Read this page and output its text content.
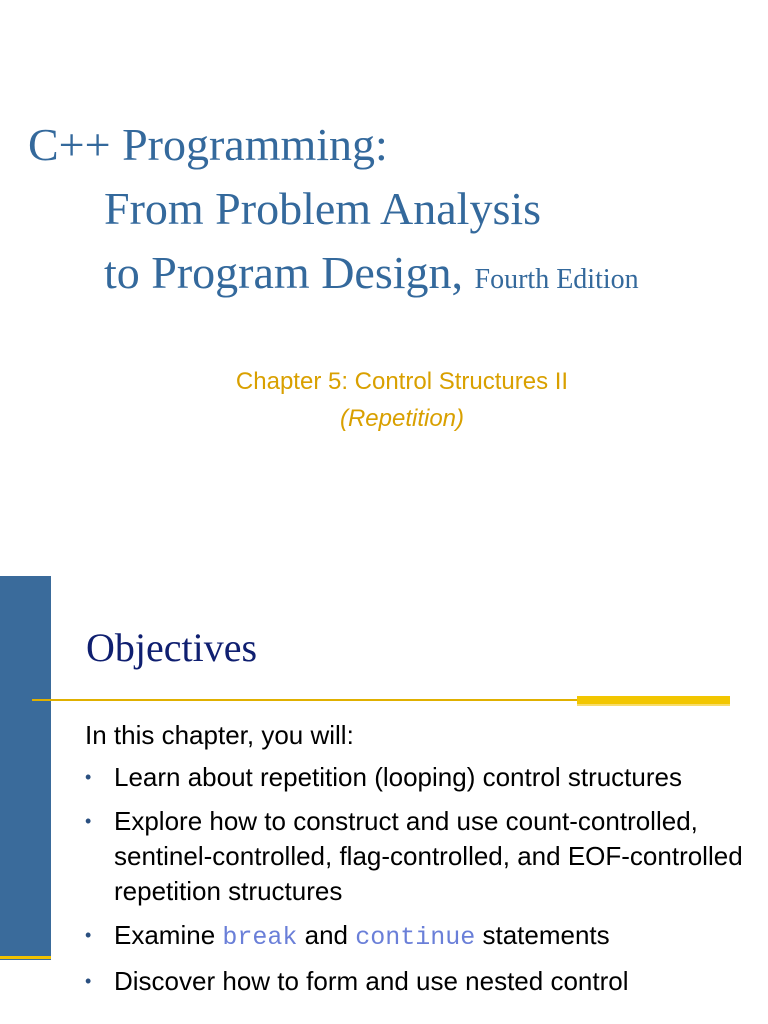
C++ Programming:
From Problem Analysis
to Program Design, Fourth Edition
Chapter 5: Control Structures II
(Repetition)
Objectives
In this chapter, you will:
• Learn about repetition (looping) control structures
• Explore how to construct and use count-controlled, sentinel-controlled, flag-controlled, and EOF-controlled repetition structures
• Examine break and continue statements
• Discover how to form and use nested control
